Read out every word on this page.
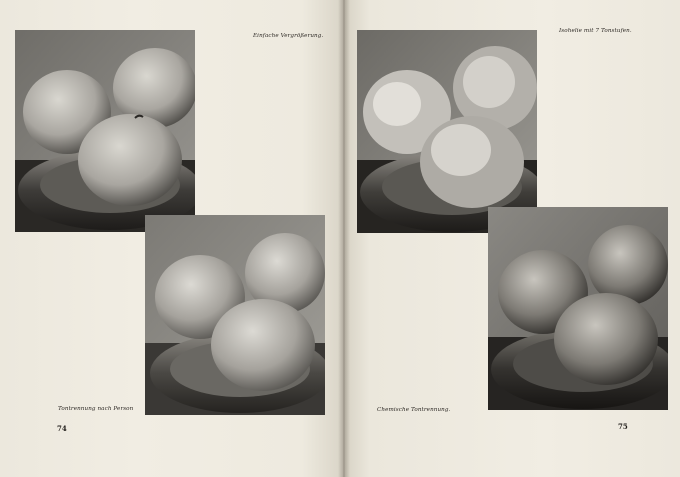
Einfache Vergrößerung.
Tontrennung nach Person
74
Isohelie mit 7 Tonstufen.
Chemische Tontrennung.
75
